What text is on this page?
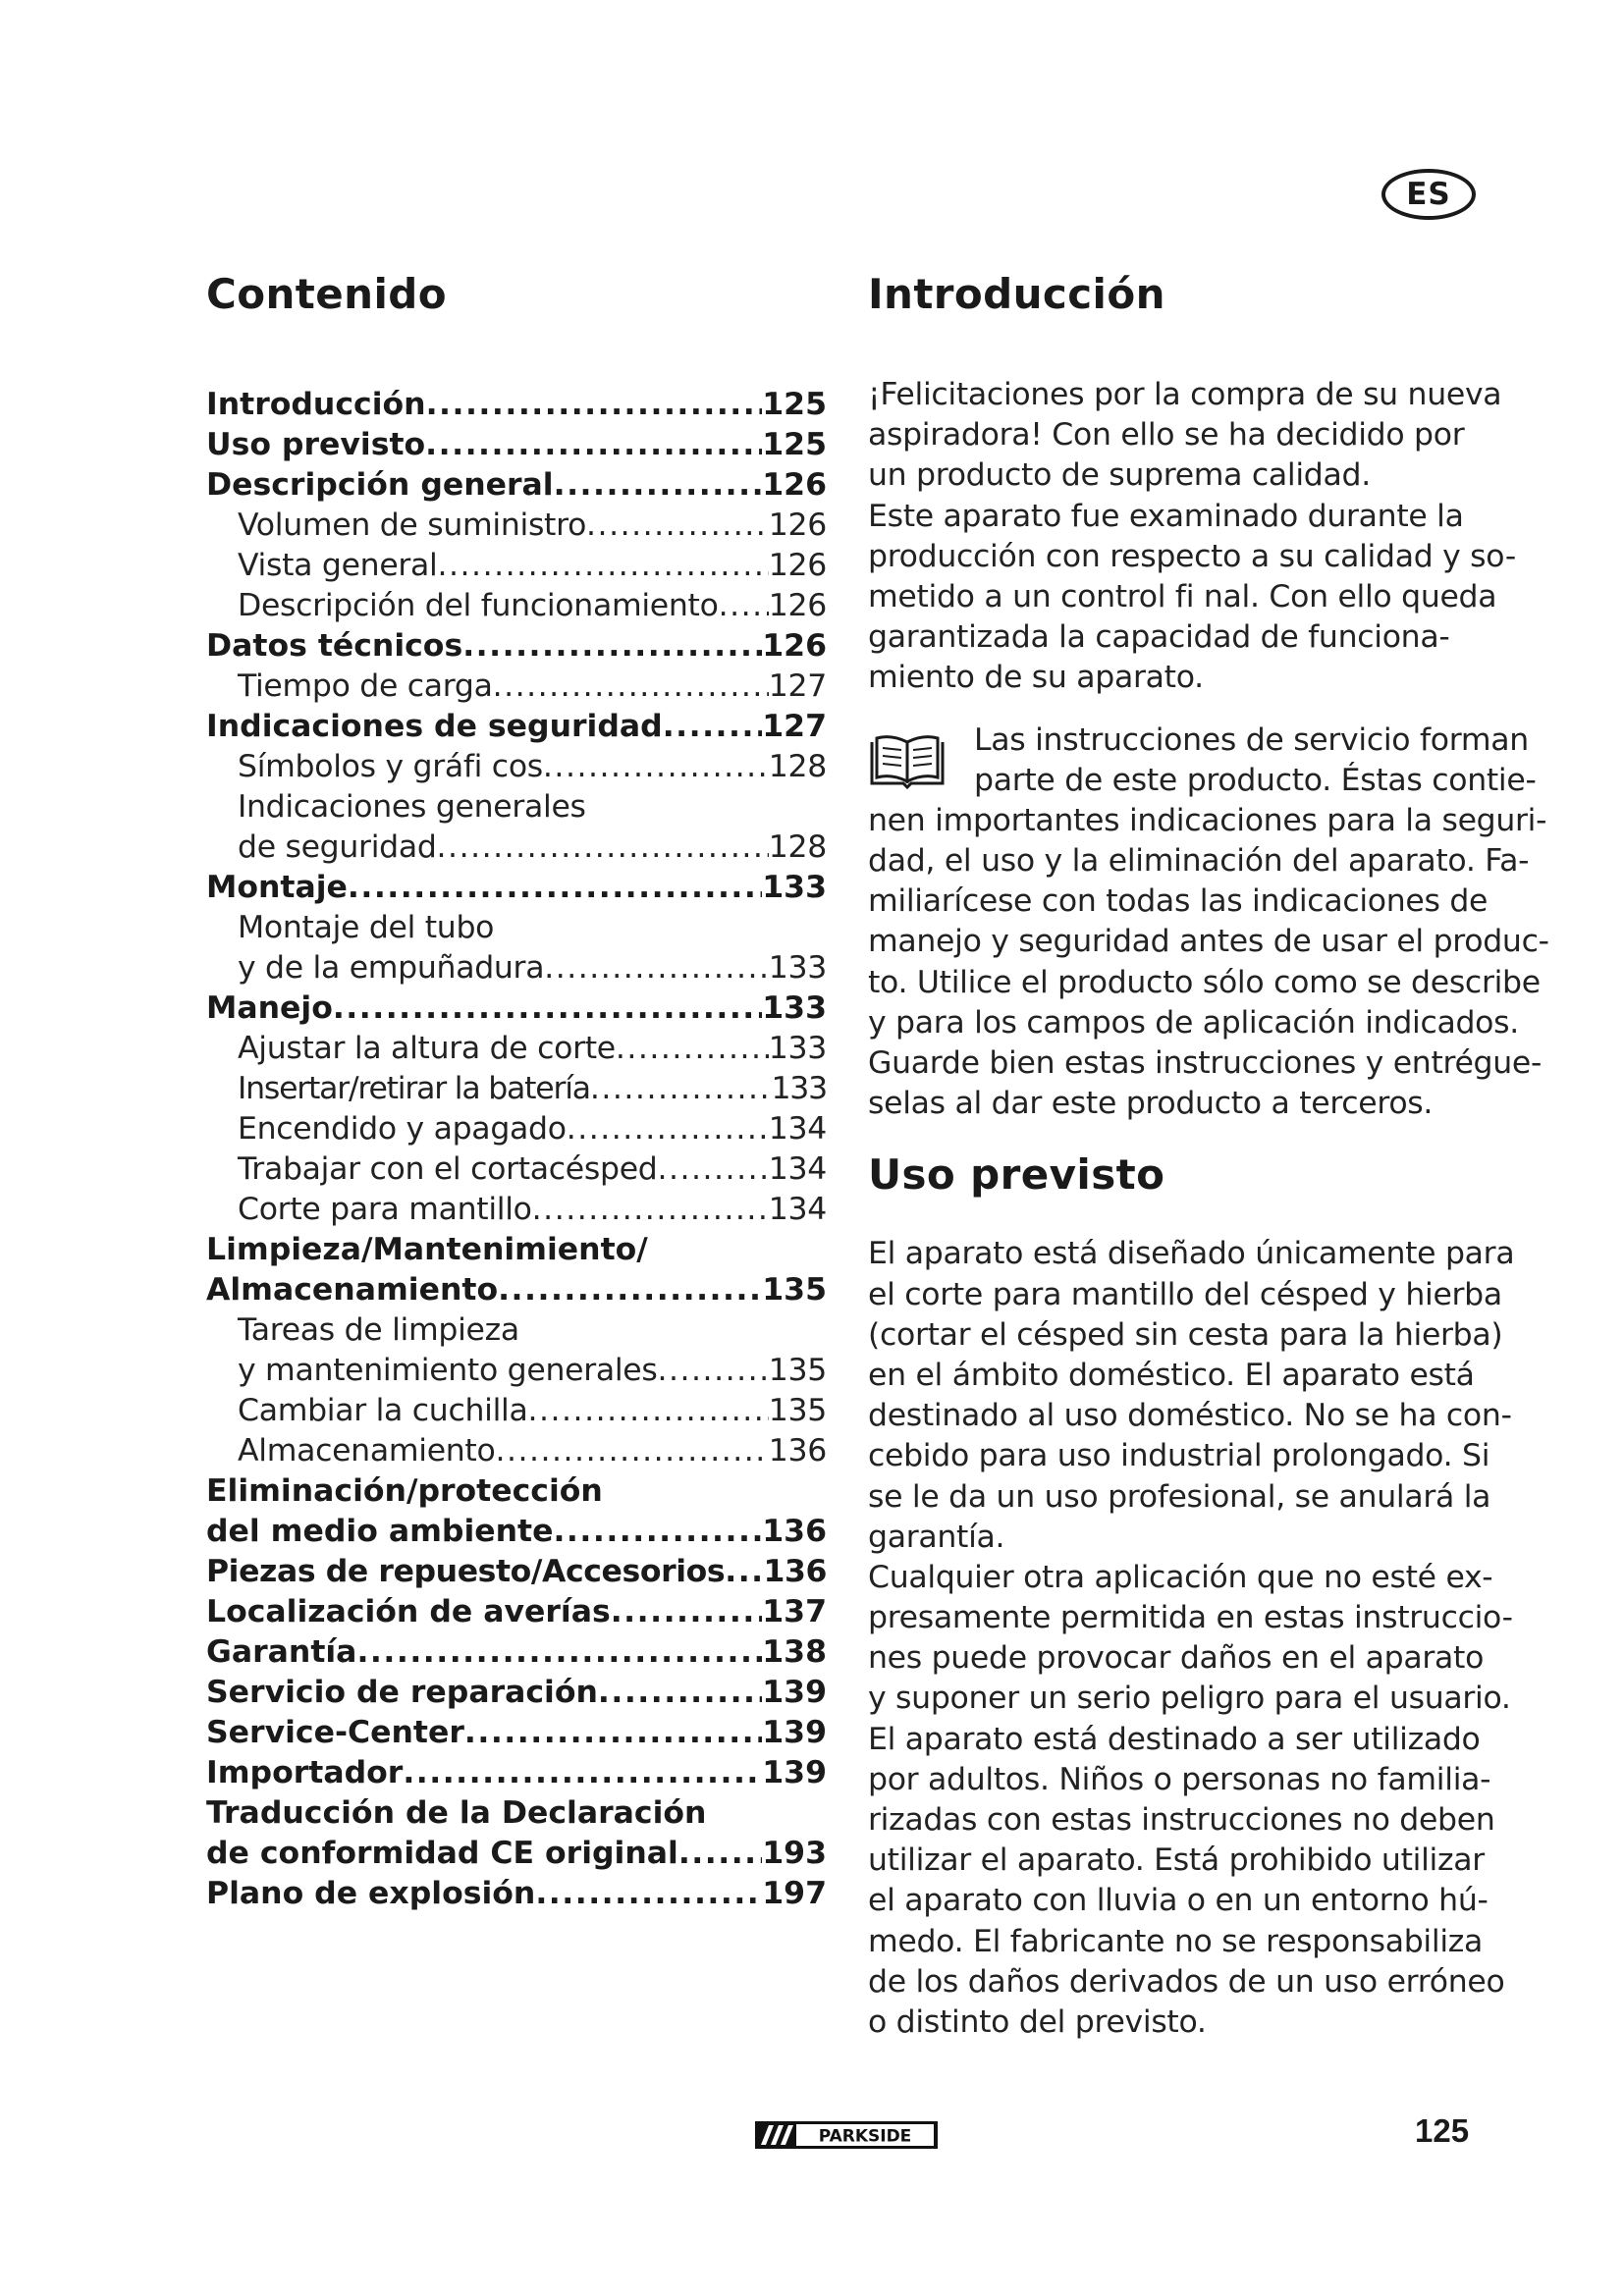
ES
Contenido
Introducción .....	125
Uso previsto .....	125
Descripción general .....	126
Volumen de suministro .....	126
Vista general .....	126
Descripción del funcionamiento ..... 126
Datos técnicos .....	126
Tiempo de carga .....	127
Indicaciones de seguridad .....	127
Símbolos y gráfi cos .....	128
Indicaciones generales
de seguridad .....	128
Montaje .....	133
Montaje del tubo
y de la empuñadura .....	133
Manejo .....	133
Ajustar la altura de corte .....	133
Insertar/retirar la batería .....	133
Encendido y apagado .....	134
Trabajar con el cortacésped .....	134
Corte para mantillo .....	134
Limpieza/Mantenimiento/
Almacenamiento .....	135
Tareas de limpieza
y mantenimiento generales .....	135
Cambiar la cuchilla .....	135
Almacenamiento .....	136
Eliminación/protección
del medio ambiente .....	136
Piezas de repuesto/Accesorios ..... 136
Localización de averías .....	137
Garantía .....	138
Servicio de reparación .....	139
Service-Center .....	139
Importador .....	139
Traducción de la Declaración
de conformidad CE original .....	193
Plano de explosión .....	197
Introducción
¡Felicitaciones por la compra de su nueva
aspiradora! Con ello se ha decidido por
un producto de suprema calidad.
Este aparato fue examinado durante la
producción con respecto a su calidad y so-
metido a un control fi nal. Con ello queda
garantizada la capacidad de funciona-
miento de su aparato.
Las instrucciones de servicio forman
parte de este producto. Éstas contie-
nen importantes indicaciones para la seguri-
dad, el uso y la eliminación del aparato. Fa-
miliarícese con todas las indicaciones de
manejo y seguridad antes de usar el produc-
to. Utilice el producto sólo como se describe
y para los campos de aplicación indicados.
Guarde bien estas instrucciones y entrégue-
selas al dar este producto a terceros.
Uso previsto
El aparato está diseñado únicamente para
el corte para mantillo del césped y hierba
(cortar el césped sin cesta para la hierba)
en el ámbito doméstico. El aparato está
destinado al uso doméstico. No se ha con-
cebido para uso industrial prolongado. Si
se le da un uso profesional, se anulará la
garantía.
Cualquier otra aplicación que no esté ex-
presamente permitida en estas instruccio-
nes puede provocar daños en el aparato
y suponer un serio peligro para el usuario.
El aparato está destinado a ser utilizado
por adultos. Niños o personas no familia-
rizadas con estas instrucciones no deben
utilizar el aparato. Está prohibido utilizar
el aparato con lluvia o en un entorno hú-
medo. El fabricante no se responsabiliza
de los daños derivados de un uso erróneo
o distinto del previsto.
PARKSIDE	125
